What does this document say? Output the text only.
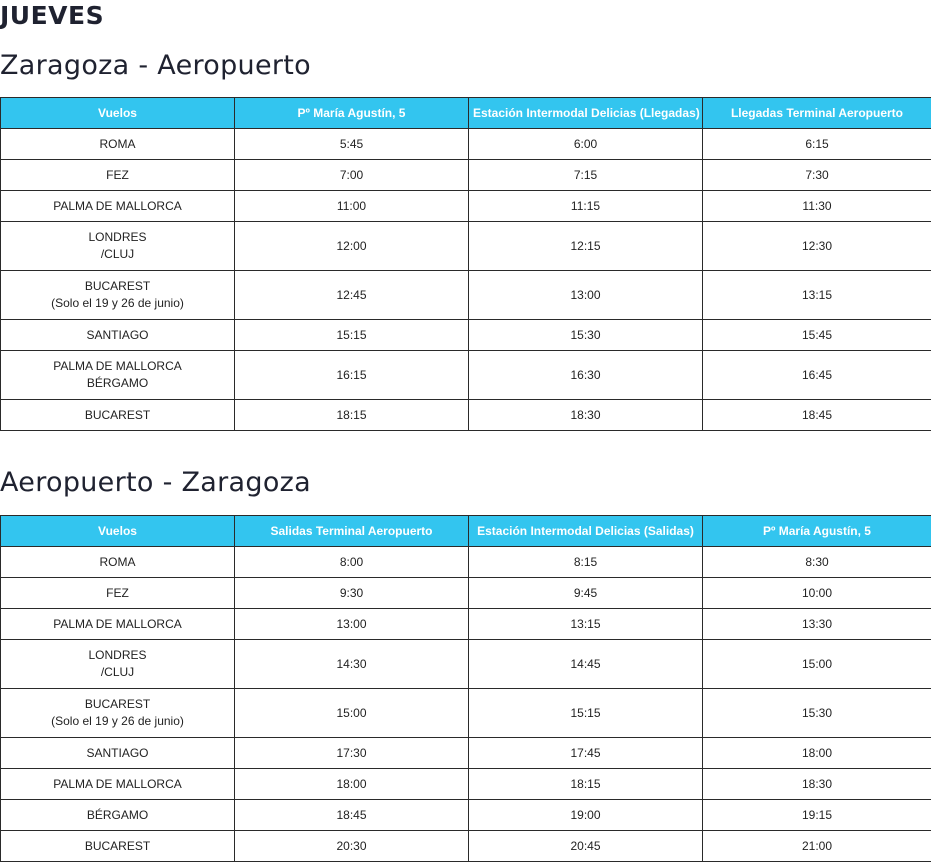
JUEVES
Zaragoza - Aeropuerto
Vuelos	Pº María Agustín, 5	Estación Intermodal Delicias (Llegadas)	Llegadas Terminal Aeropuerto

ROMA	5:45	6:00	6:15

FEZ	7:00	7:15	7:30

PALMA DE MALLORCA	11:00	11:15	11:30

LONDRES
/CLUJ	12:00	12:15	12:30

BUCAREST
(Solo el 19 y 26 de junio)	12:45	13:00	13:15

SANTIAGO	15:15	15:30	15:45

PALMA DE MALLORCA
BÉRGAMO	16:15	16:30	16:45

BUCAREST	18:15	18:30	18:45
Aeropuerto - Zaragoza
Vuelos	Salidas Terminal Aeropuerto	Estación Intermodal Delicias (Salidas)	Pº María Agustín, 5

ROMA	8:00	8:15	8:30

FEZ	9:30	9:45	10:00

PALMA DE MALLORCA	13:00	13:15	13:30

LONDRES
/CLUJ	14:30	14:45	15:00

BUCAREST
(Solo el 19 y 26 de junio)	15:00	15:15	15:30

SANTIAGO	17:30	17:45	18:00

PALMA DE MALLORCA	18:00	18:15	18:30

BÉRGAMO	18:45	19:00	19:15

BUCAREST	20:30	20:45	21:00
